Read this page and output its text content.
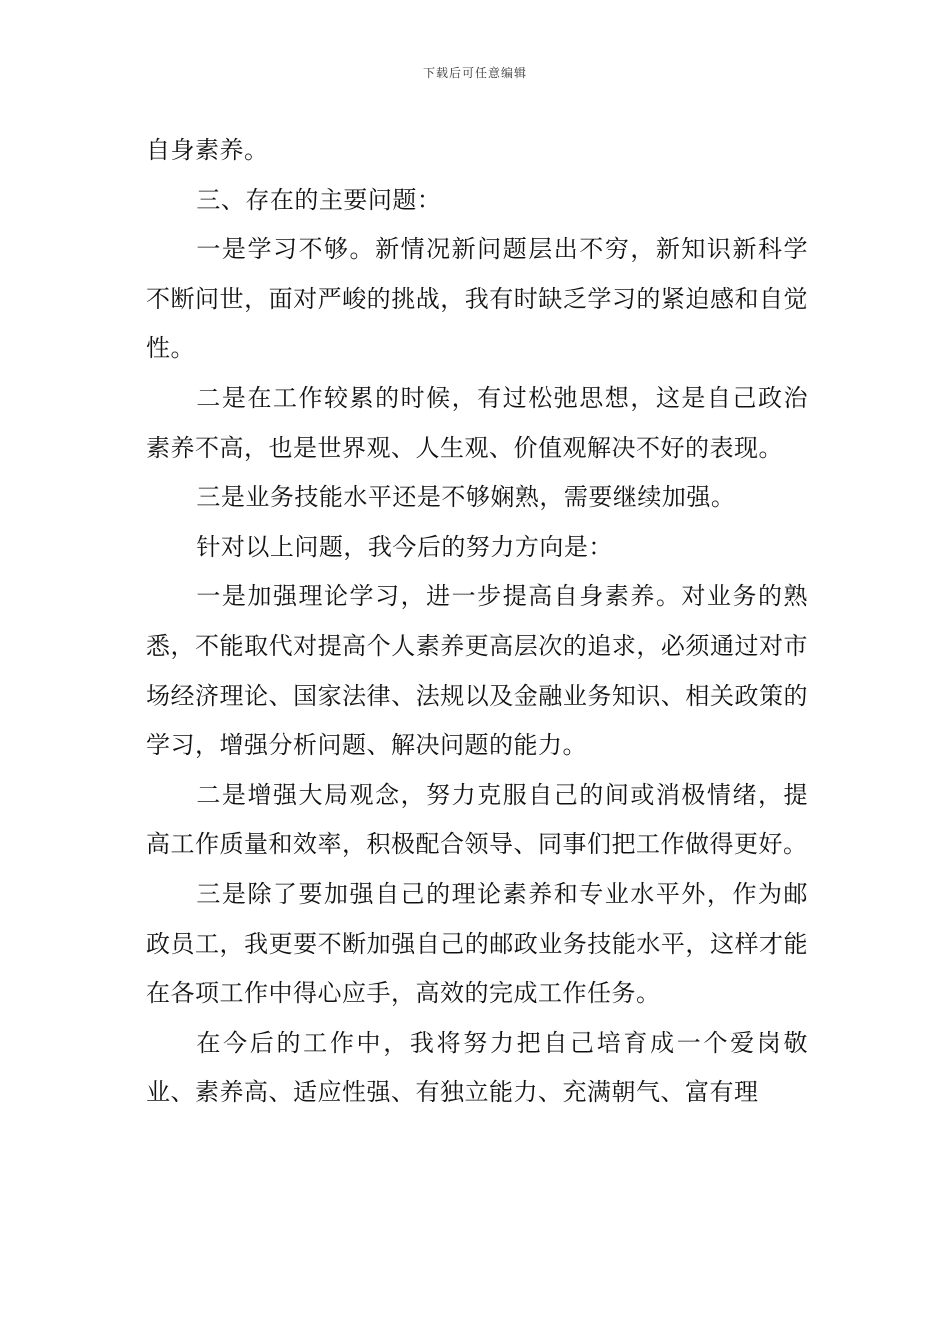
下载后可任意编辑

自身素养。

三、存在的主要问题：

一是学习不够。新情况新问题层出不穷，新知识新科学不断问世，面对严峻的挑战，我有时缺乏学习的紧迫感和自觉性。

二是在工作较累的时候，有过松弛思想，这是自己政治素养不高，也是世界观、人生观、价值观解决不好的表现。

三是业务技能水平还是不够娴熟，需要继续加强。

针对以上问题，我今后的努力方向是：

一是加强理论学习，进一步提高自身素养。对业务的熟悉，不能取代对提高个人素养更高层次的追求，必须通过对市场经济理论、国家法律、法规以及金融业务知识、相关政策的学习，增强分析问题、解决问题的能力。

二是增强大局观念，努力克服自己的间或消极情绪，提高工作质量和效率，积极配合领导、同事们把工作做得更好。

三是除了要加强自己的理论素养和专业水平外，作为邮政员工，我更要不断加强自己的邮政业务技能水平，这样才能在各项工作中得心应手，高效的完成工作任务。

在今后的工作中，我将努力把自己培育成一个爱岗敬业、素养高、适应性强、有独立能力、充满朝气、富有理
